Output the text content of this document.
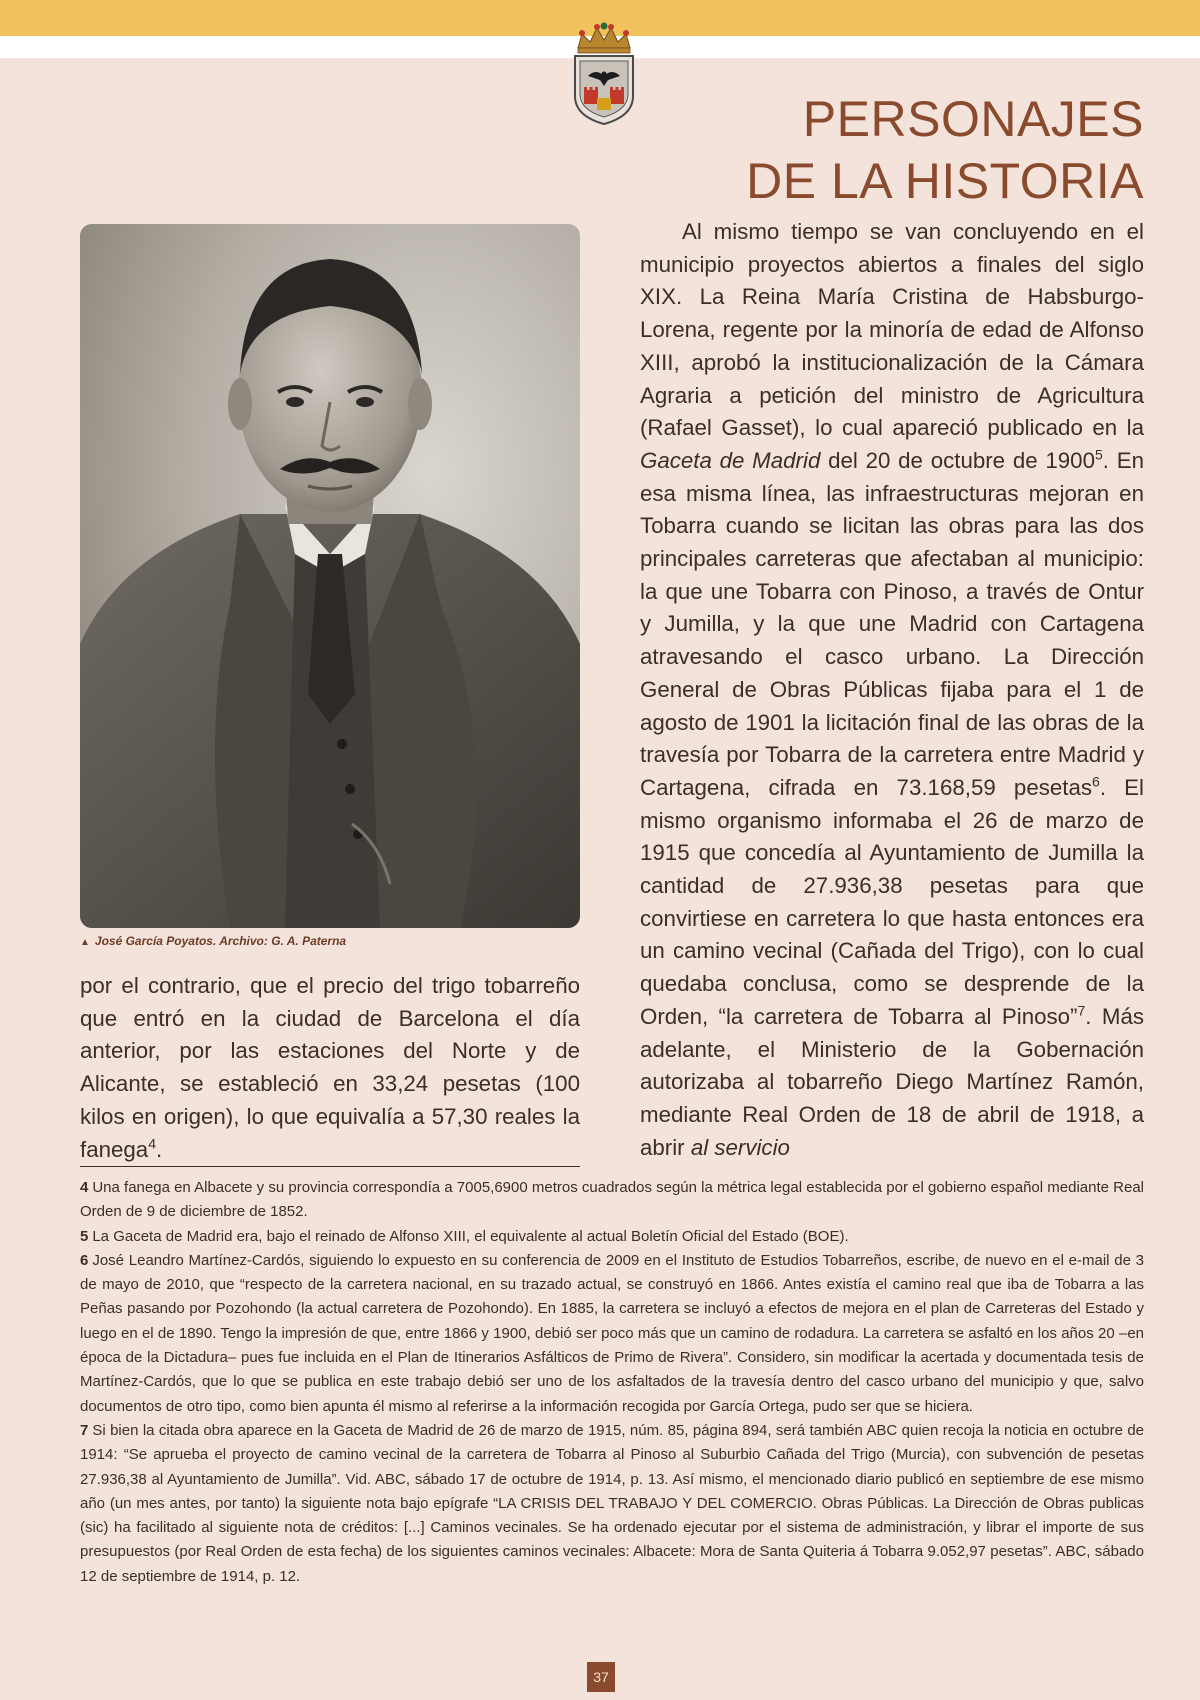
PERSONAJES
DE LA HISTORIA
▲ José García Poyatos. Archivo: G. A. Paterna

Al mismo tiempo se van concluyendo en el municipio proyectos abiertos a finales del siglo XIX. La Reina María Cristina de Habsburgo-Lorena, regente por la minoría de edad de Alfonso XIII, aprobó la institucionalización de la Cámara Agraria a petición del ministro de Agricultura (Rafael Gasset), lo cual apareció publicado en la Gaceta de Madrid del 20 de octubre de 1900$^5$. En esa misma línea, las infraestructuras mejoran en Tobarra cuando se licitan las obras para las dos principales carreteras que afectaban al municipio: la que une Tobarra con Pinoso, a través de Ontur y Jumilla, y la que une Madrid con Cartagena atravesando el casco urbano. La Dirección General de Obras Públicas fijaba para el 1 de agosto de 1901 la licitación final de las obras de la travesía por Tobarra de la carretera entre Madrid y Cartagena, cifrada en 73.168,59 pesetas$^6$. El mismo organismo informaba el 26 de marzo de 1915 que concedía al Ayuntamiento de Jumilla la cantidad de 27.936,38 pesetas para que convirtiese en carretera lo que hasta entonces era un camino vecinal (Cañada del Trigo), con lo cual quedaba conclusa, como se desprende de la Orden, “la carretera de Tobarra al Pinoso”$^7$. Más adelante, el Ministerio de la Gobernación autorizaba al tobarreño Diego Martínez Ramón, mediante Real Orden de 18 de abril de 1918, a abrir al servicio

por el contrario, que el precio del trigo tobarreño que entró en la ciudad de Barcelona el día anterior, por las estaciones del Norte y de Alicante, se estableció en 33,24 pesetas (100 kilos en origen), lo que equivalía a 57,30 reales la fanega$^4$.

4 Una fanega en Albacete y su provincia correspondía a 7005,6900 metros cuadrados según la métrica legal establecida por el gobierno español mediante Real Orden de 9 de diciembre de 1852.

5 La Gaceta de Madrid era, bajo el reinado de Alfonso XIII, el equivalente al actual Boletín Oficial del Estado (BOE).

6 José Leandro Martínez-Cardós, siguiendo lo expuesto en su conferencia de 2009 en el Instituto de Estudios Tobarreños, escribe, de nuevo en el e-mail de 3 de mayo de 2010, que “respecto de la carretera nacional, en su trazado actual, se construyó en 1866. Antes existía el camino real que iba de Tobarra a las Peñas pasando por Pozohondo (la actual carretera de Pozohondo). En 1885, la carretera se incluyó a efectos de mejora en el plan de Carreteras del Estado y luego en el de 1890. Tengo la impresión de que, entre 1866 y 1900, debió ser poco más que un camino de rodadura. La carretera se asfaltó en los años 20 –en época de la Dictadura– pues fue incluida en el Plan de Itinerarios Asfálticos de Primo de Rivera”. Considero, sin modificar la acertada y documentada tesis de Martínez-Cardós, que lo que se publica en este trabajo debió ser uno de los asfaltados de la travesía dentro del casco urbano del municipio y que, salvo documentos de otro tipo, como bien apunta él mismo al referirse a la información recogida por García Ortega, pudo ser que se hiciera.

7 Si bien la citada obra aparece en la Gaceta de Madrid de 26 de marzo de 1915, núm. 85, página 894, será también ABC quien recoja la noticia en octubre de 1914: “Se aprueba el proyecto de camino vecinal de la carretera de Tobarra al Pinoso al Suburbio Cañada del Trigo (Murcia), con subvención de pesetas 27.936,38 al Ayuntamiento de Jumilla”. Vid. ABC, sábado 17 de octubre de 1914, p. 13. Así mismo, el mencionado diario publicó en septiembre de ese mismo año (un mes antes, por tanto) la siguiente nota bajo epígrafe “LA CRISIS DEL TRABAJO Y DEL COMERCIO. Obras Públicas. La Dirección de Obras publicas (sic) ha facilitado al siguiente nota de créditos: [...] Caminos vecinales. Se ha ordenado ejecutar por el sistema de administración, y librar el importe de sus presupuestos (por Real Orden de esta fecha) de los siguientes caminos vecinales: Albacete: Mora de Santa Quiteria á Tobarra 9.052,97 pesetas”. ABC, sábado 12 de septiembre de 1914, p. 12.

37
